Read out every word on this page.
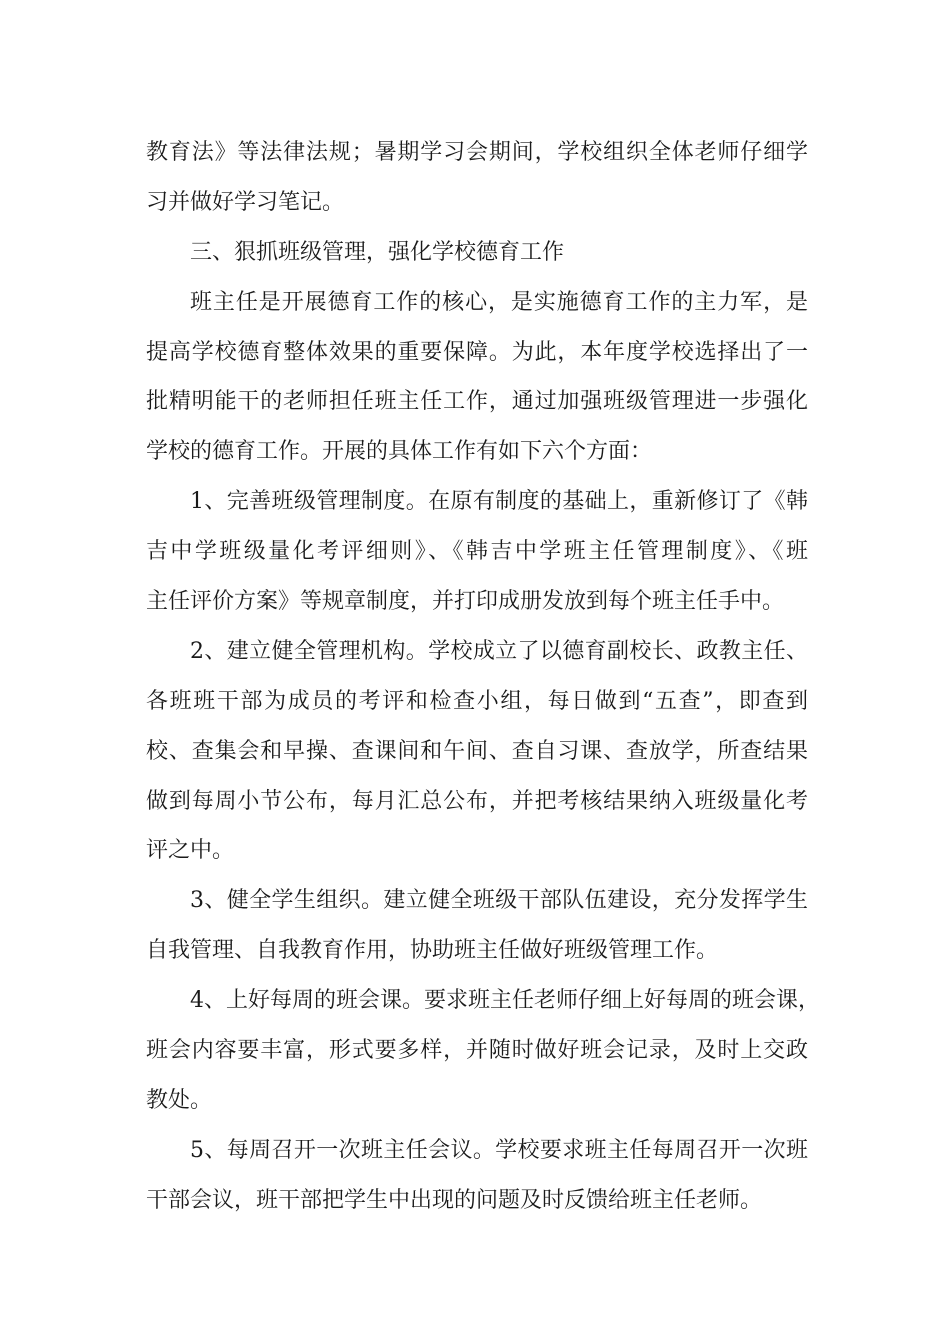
教育法》等法律法规；暑期学习会期间，学校组织全体老师仔细学
习并做好学习笔记。
三、狠抓班级管理，强化学校德育工作
班主任是开展德育工作的核心，是实施德育工作的主力军，是
提高学校德育整体效果的重要保障。为此，本年度学校选择出了一
批精明能干的老师担任班主任工作，通过加强班级管理进一步强化
学校的德育工作。开展的具体工作有如下六个方面：
1、完善班级管理制度。在原有制度的基础上，重新修订了《韩
吉中学班级量化考评细则》、《韩吉中学班主任管理制度》、《班
主任评价方案》等规章制度，并打印成册发放到每个班主任手中。
2、建立健全管理机构。学校成立了以德育副校长、政教主任、
各班班干部为成员的考评和检查小组，每日做到“五查”，即查到
校、查集会和早操、查课间和午间、查自习课、查放学，所查结果
做到每周小节公布，每月汇总公布，并把考核结果纳入班级量化考
评之中。
3、健全学生组织。建立健全班级干部队伍建设，充分发挥学生
自我管理、自我教育作用，协助班主任做好班级管理工作。
4、上好每周的班会课。要求班主任老师仔细上好每周的班会课，
班会内容要丰富，形式要多样，并随时做好班会记录，及时上交政
教处。
5、每周召开一次班主任会议。学校要求班主任每周召开一次班
干部会议，班干部把学生中出现的问题及时反馈给班主任老师。
